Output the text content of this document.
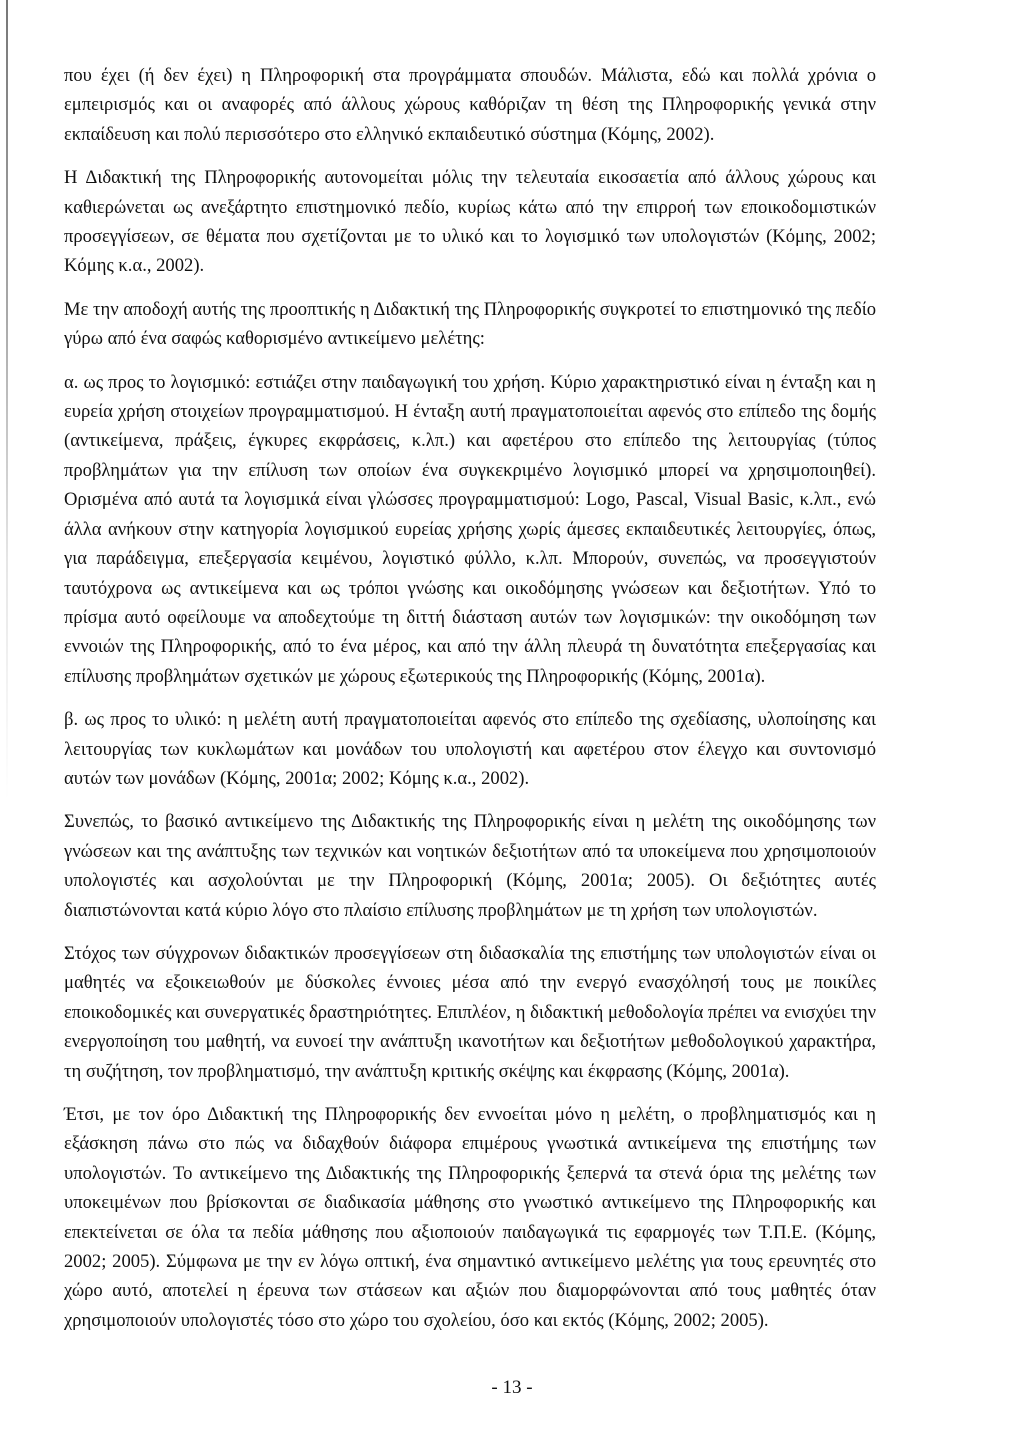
που έχει (ή δεν έχει) η Πληροφορική στα προγράμματα σπουδών. Μάλιστα, εδώ και πολλά χρόνια ο εμπειρισμός και οι αναφορές από άλλους χώρους καθόριζαν τη θέση της Πληροφορικής γενικά στην εκπαίδευση και πολύ περισσότερο στο ελληνικό εκπαιδευτικό σύστημα (Κόμης, 2002).

Η Διδακτική της Πληροφορικής αυτονομείται μόλις την τελευταία εικοσαετία από άλλους χώρους και καθιερώνεται ως ανεξάρτητο επιστημονικό πεδίο, κυρίως κάτω από την επιρροή των εποικοδομιστικών προσεγγίσεων, σε θέματα που σχετίζονται με το υλικό και το λογισμικό των υπολογιστών (Κόμης, 2002; Κόμης κ.α., 2002).

Με την αποδοχή αυτής της προοπτικής η Διδακτική της Πληροφορικής συγκροτεί το επιστημονικό της πεδίο γύρω από ένα σαφώς καθορισμένο αντικείμενο μελέτης:

α. ως προς το λογισμικό: εστιάζει στην παιδαγωγική του χρήση. Κύριο χαρακτηριστικό είναι η ένταξη και η ευρεία χρήση στοιχείων προγραμματισμού. Η ένταξη αυτή πραγματοποιείται αφενός στο επίπεδο της δομής (αντικείμενα, πράξεις, έγκυρες εκφράσεις, κ.λπ.) και αφετέρου στο επίπεδο της λειτουργίας (τύπος προβλημάτων για την επίλυση των οποίων ένα συγκεκριμένο λογισμικό μπορεί να χρησιμοποιηθεί). Ορισμένα από αυτά τα λογισμικά είναι γλώσσες προγραμματισμού: Logo, Pascal, Visual Basic, κ.λπ., ενώ άλλα ανήκουν στην κατηγορία λογισμικού ευρείας χρήσης χωρίς άμεσες εκπαιδευτικές λειτουργίες, όπως, για παράδειγμα, επεξεργασία κειμένου, λογιστικό φύλλο, κ.λπ. Μπορούν, συνεπώς, να προσεγγιστούν ταυτόχρονα ως αντικείμενα και ως τρόποι γνώσης και οικοδόμησης γνώσεων και δεξιοτήτων. Υπό το πρίσμα αυτό οφείλουμε να αποδεχτούμε τη διττή διάσταση αυτών των λογισμικών: την οικοδόμηση των εννοιών της Πληροφορικής, από το ένα μέρος, και από την άλλη πλευρά τη δυνατότητα επεξεργασίας και επίλυσης προβλημάτων σχετικών με χώρους εξωτερικούς της Πληροφορικής (Κόμης, 2001α).

β. ως προς το υλικό: η μελέτη αυτή πραγματοποιείται αφενός στο επίπεδο της σχεδίασης, υλοποίησης και λειτουργίας των κυκλωμάτων και μονάδων του υπολογιστή και αφετέρου στον έλεγχο και συντονισμό αυτών των μονάδων (Κόμης, 2001α; 2002; Κόμης κ.α., 2002).

Συνεπώς, το βασικό αντικείμενο της Διδακτικής της Πληροφορικής είναι η μελέτη της οικοδόμησης των γνώσεων και της ανάπτυξης των τεχνικών και νοητικών δεξιοτήτων από τα υποκείμενα που χρησιμοποιούν υπολογιστές και ασχολούνται με την Πληροφορική (Κόμης, 2001α; 2005). Οι δεξιότητες αυτές διαπιστώνονται κατά κύριο λόγο στο πλαίσιο επίλυσης προβλημάτων με τη χρήση των υπολογιστών.

Στόχος των σύγχρονων διδακτικών προσεγγίσεων στη διδασκαλία της επιστήμης των υπολογιστών είναι οι μαθητές να εξοικειωθούν με δύσκολες έννοιες μέσα από την ενεργό ενασχόλησή τους με ποικίλες εποικοδομικές και συνεργατικές δραστηριότητες. Επιπλέον, η διδακτική μεθοδολογία πρέπει να ενισχύει την ενεργοποίηση του μαθητή, να ευνοεί την ανάπτυξη ικανοτήτων και δεξιοτήτων μεθοδολογικού χαρακτήρα, τη συζήτηση, τον προβληματισμό, την ανάπτυξη κριτικής σκέψης και έκφρασης (Κόμης, 2001α).

Έτσι, με τον όρο Διδακτική της Πληροφορικής δεν εννοείται μόνο η μελέτη, ο προβληματισμός και η εξάσκηση πάνω στο πώς να διδαχθούν διάφορα επιμέρους γνωστικά αντικείμενα της επιστήμης των υπολογιστών. Το αντικείμενο της Διδακτικής της Πληροφορικής ξεπερνά τα στενά όρια της μελέτης των υποκειμένων που βρίσκονται σε διαδικασία μάθησης στο γνωστικό αντικείμενο της Πληροφορικής και επεκτείνεται σε όλα τα πεδία μάθησης που αξιοποιούν παιδαγωγικά τις εφαρμογές των Τ.Π.Ε. (Κόμης, 2002; 2005). Σύμφωνα με την εν λόγω οπτική, ένα σημαντικό αντικείμενο μελέτης για τους ερευνητές στο χώρο αυτό, αποτελεί η έρευνα των στάσεων και αξιών που διαμορφώνονται από τους μαθητές όταν χρησιμοποιούν υπολογιστές τόσο στο χώρο του σχολείου, όσο και εκτός (Κόμης, 2002; 2005).

- 13 -
